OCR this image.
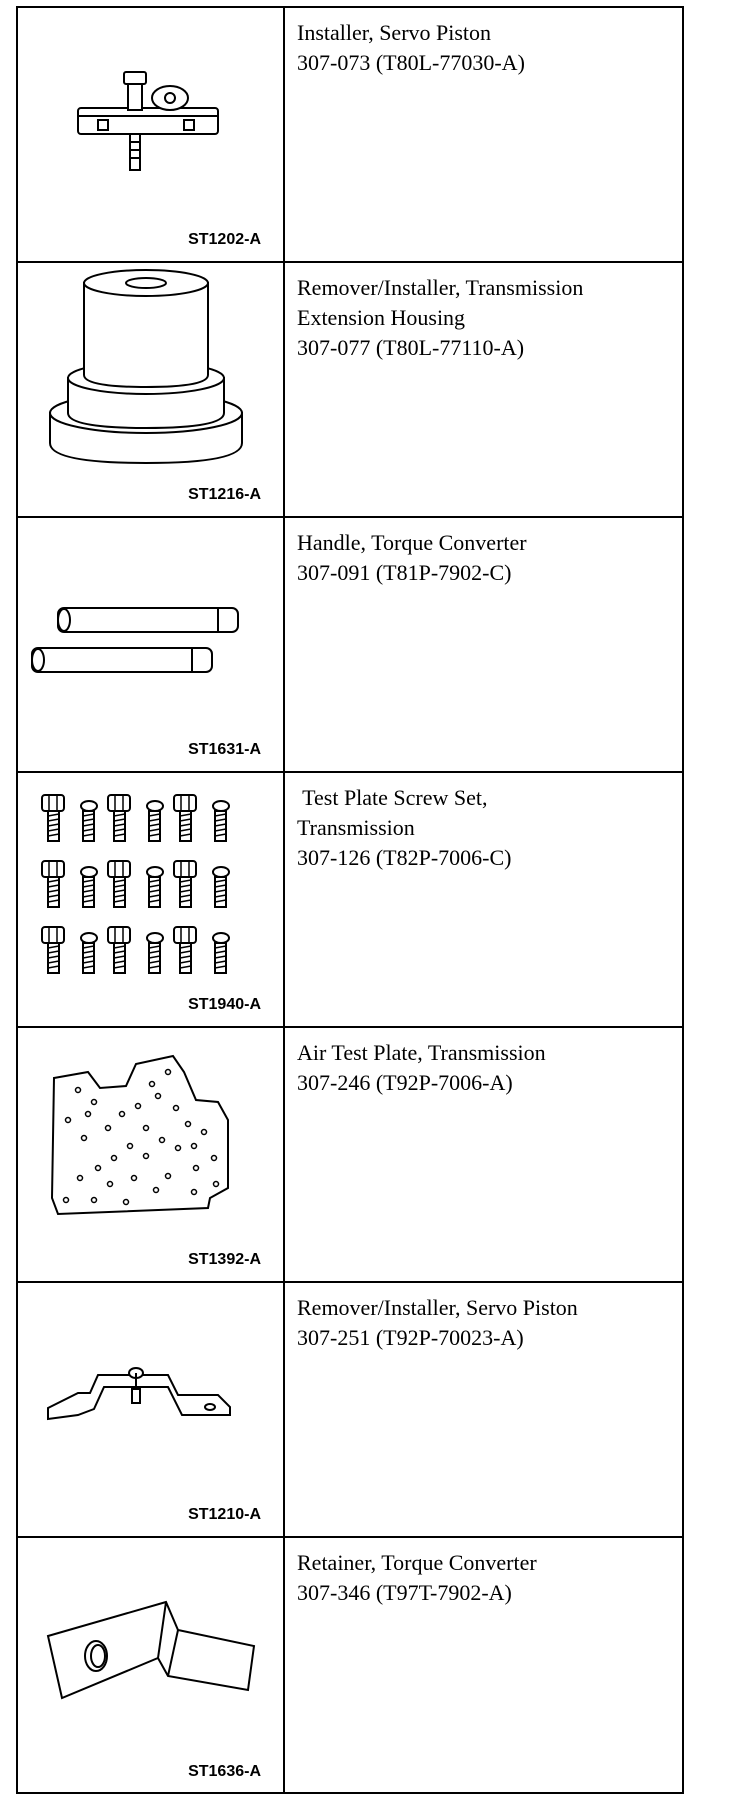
ST1202-A
Installer, Servo Piston
307-073 (T80L-77030-A)
ST1216-A
Remover/Installer, Transmission
Extension Housing
307-077 (T80L-77110-A)
ST1631-A
Handle, Torque Converter
307-091 (T81P-7902-C)
ST1940-A
Test Plate Screw Set,
Transmission
307-126 (T82P-7006-C)
ST1392-A
Air Test Plate, Transmission
307-246 (T92P-7006-A)
ST1210-A
Remover/Installer, Servo Piston
307-251 (T92P-70023-A)
ST1636-A
Retainer, Torque Converter
307-346 (T97T-7902-A)
